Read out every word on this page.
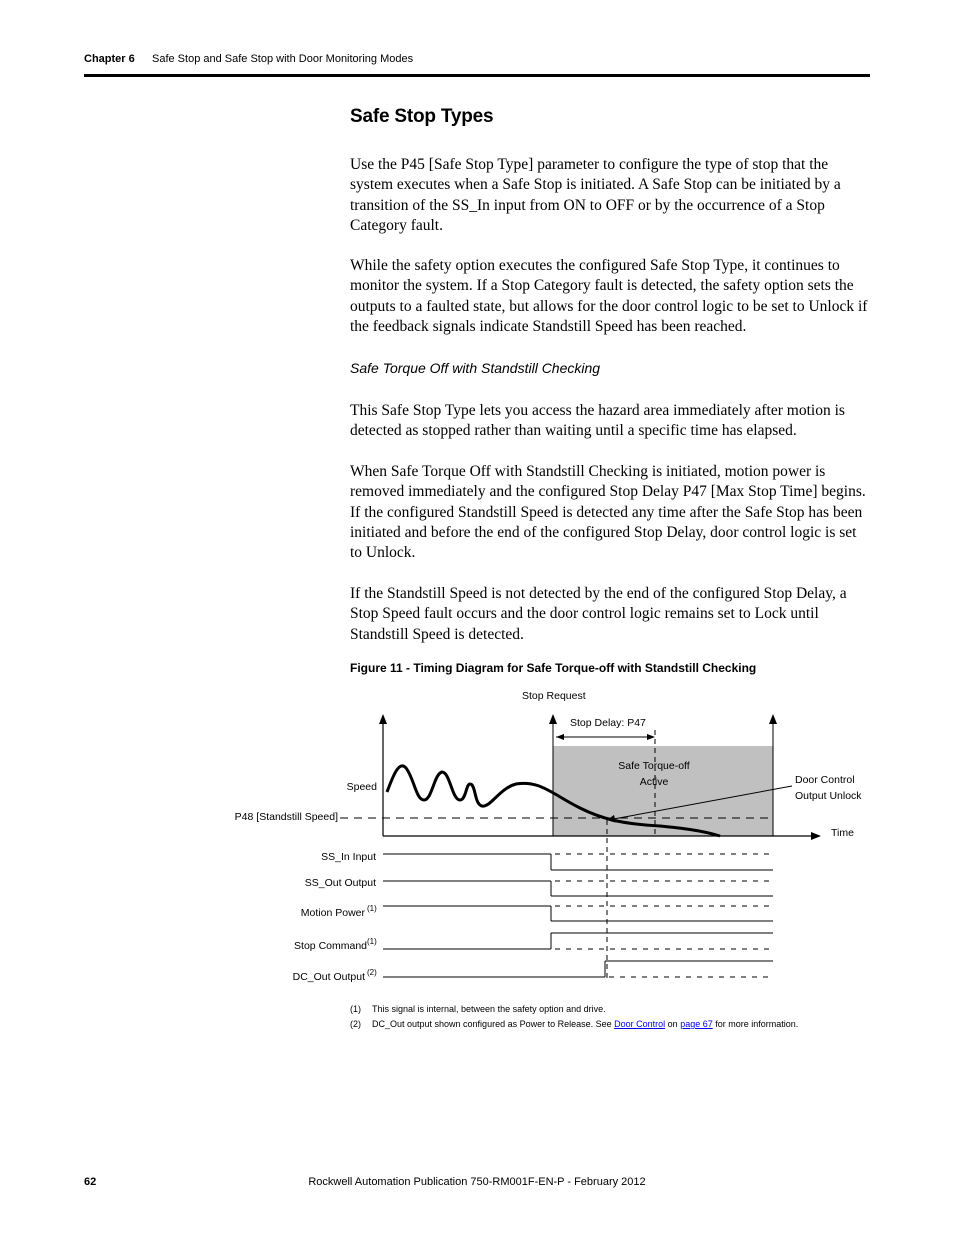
Chapter 6 Safe Stop and Safe Stop with Door Monitoring Modes
Safe Stop Types

Use the P45 [Safe Stop Type] parameter to configure the type of stop that the system executes when a Safe Stop is initiated. A Safe Stop can be initiated by a transition of the SS_In input from ON to OFF or by the occurrence of a Stop Category fault.

While the safety option executes the configured Safe Stop Type, it continues to monitor the system. If a Stop Category fault is detected, the safety option sets the outputs to a faulted state, but allows for the door control logic to be set to Unlock if the feedback signals indicate Standstill Speed has been reached.

Safe Torque Off with Standstill Checking

This Safe Stop Type lets you access the hazard area immediately after motion is detected as stopped rather than waiting until a specific time has elapsed.

When Safe Torque Off with Standstill Checking is initiated, motion power is removed immediately and the configured Stop Delay P47 [Max Stop Time] begins. If the configured Standstill Speed is detected any time after the Safe Stop has been initiated and before the end of the configured Stop Delay, door control logic is set to Unlock.

If the Standstill Speed is not detected by the end of the configured Stop Delay, a Stop Speed fault occurs and the door control logic remains set to Lock until Standstill Speed is detected.

Figure 11 - Timing Diagram for Safe Torque-off with Standstill Checking
Stop Request
Stop Delay: P47
Safe Torque-off
Active	Door Control
Output Unlock
Speed
P48 [Standstill Speed]
Time
SS_In Input
SS_Out Output
Motion Power (1)
Stop Command (1)
DC_Out Output (2)
(1) This signal is internal, between the safety option and drive.
(2) DC_Out output shown configured as Power to Release. See Door Control on page 67 for more information.
62	Rockwell Automation Publication 750-RM001F-EN-P - February 2012
